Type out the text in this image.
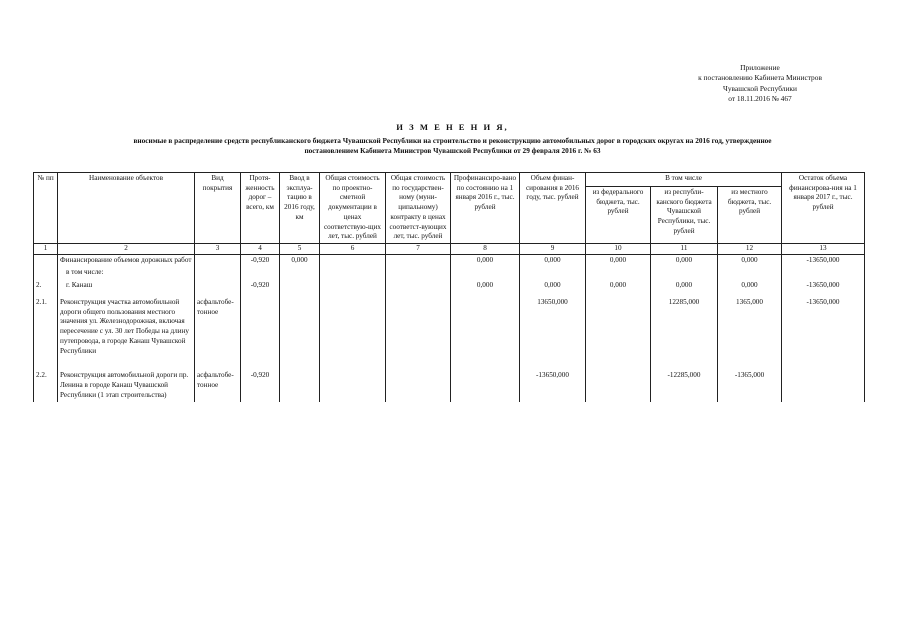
Приложение
к постановлению Кабинета Министров
Чувашской Республики
от 18.11.2016 № 467
И З М Е Н Е Н И Я,
вносимые в распределение средств республиканского бюджета Чувашской Республики на строительство и реконструкцию автомобильных дорог в городских округах на 2016 год, утвержденное
постановлением Кабинета Министров Чувашской Республики от 29 февраля 2016 г. № 63
№ пп	Наименование объектов	Вид покрытия	Протя-женность дорог – всего, км	Ввод в эксплуа-тацию в 2016 году, км	Общая стоимость по проектно-сметной документации в ценах соответствую-щих лет, тыс. рублей	Общая стоимость по государствен-ному (муни-ципальному) контракту в ценах соответст-вующих лет, тыс. рублей	Профинансиро-вано по состоянию на 1 января 2016 г., тыс. рублей	Объем финан-сирования в 2016 году, тыс. рублей	В том числе			Остаток объема финансирова-ния на 1 января 2017 г., тыс. рублей
									из федерального бюджета, тыс. рублей	из республи-канского бюджета Чувашской Республики, тыс. рублей	из местного бюджета, тыс. рублей	
1	2	3	4	5	6	7	8	9	10	11	12	13
	Финансирование объемов дорожных работ		-0,920	0,000			0,000	0,000	0,000	0,000	0,000	-13650,000
	в том числе:											
2.	г. Канаш		-0,920				0,000	0,000	0,000	0,000	0,000	-13650,000
2.1.	Реконструкция участка автомобильной дороги общего пользования местного значения ул. Железнодорожная, включая пересечение с ул. 30 лет Победы на длину путепровода, в городе Канаш Чувашской Республики	асфальтобе-тонное						13650,000		12285,000	1365,000	-13650,000
2.2.	Реконструкция автомобильной дороги пр. Ленина в городе Канаш Чувашской Республики (1 этап строительства)	асфальтобе-тонное	-0,920					-13650,000		-12285,000	-1365,000	
